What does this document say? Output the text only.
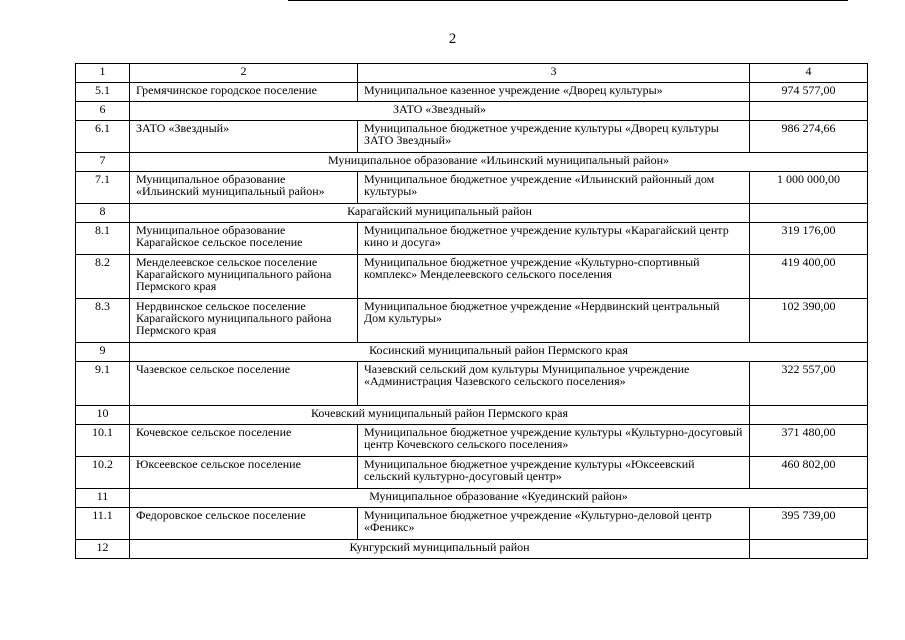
2
1	2	3	4
5.1	Гремячинское городское поселение	Муниципальное казенное учреждение «Дворец культуры»	974 577,00
6	ЗАТО «Звездный»		
6.1	ЗАТО «Звездный»	Муниципальное бюджетное учреждение культуры «Дворец культуры ЗАТО Звездный»	986 274,66
7	Муниципальное образование «Ильинский муниципальный район»		
7.1	Муниципальное образование «Ильинский муниципальный район»	Муниципальное бюджетное учреждение «Ильинский районный дом культуры»	1 000 000,00
8	Карагайский муниципальный район		
8.1	Муниципальное образование Карагайское сельское поселение	Муниципальное бюджетное учреждение культуры «Карагайский центр кино и досуга»	319 176,00
8.2	Менделеевское сельское поселение Карагайского муниципального района Пермского края	Муниципальное бюджетное учреждение «Культурно-спортивный комплекс» Менделеевского сельского поселения	419 400,00
8.3	Нердвинское сельское поселение Карагайского муниципального района Пермского края	Муниципальное бюджетное учреждение «Нердвинский центральный Дом культуры»	102 390,00
9	Косинский муниципальный район Пермского края		
9.1	Чазевское сельское поселение	Чазевский сельский дом культуры Муниципальное учреждение «Администрация Чазевского сельского поселения»	322 557,00
10	Кочевский муниципальный район Пермского края		
10.1	Кочевское сельское поселение	Муниципальное бюджетное учреждение культуры «Культурно-досуговый центр Кочевского сельского поселения»	371 480,00
10.2	Юксеевское сельское поселение	Муниципальное бюджетное учреждение культуры «Юксеевский сельский культурно-досуговый центр»	460 802,00
11	Муниципальное образование «Куединский район»		
11.1	Федоровское сельское поселение	Муниципальное бюджетное учреждение «Культурно-деловой центр «Феникс»	395 739,00
12	Кунгурский муниципальный район		
